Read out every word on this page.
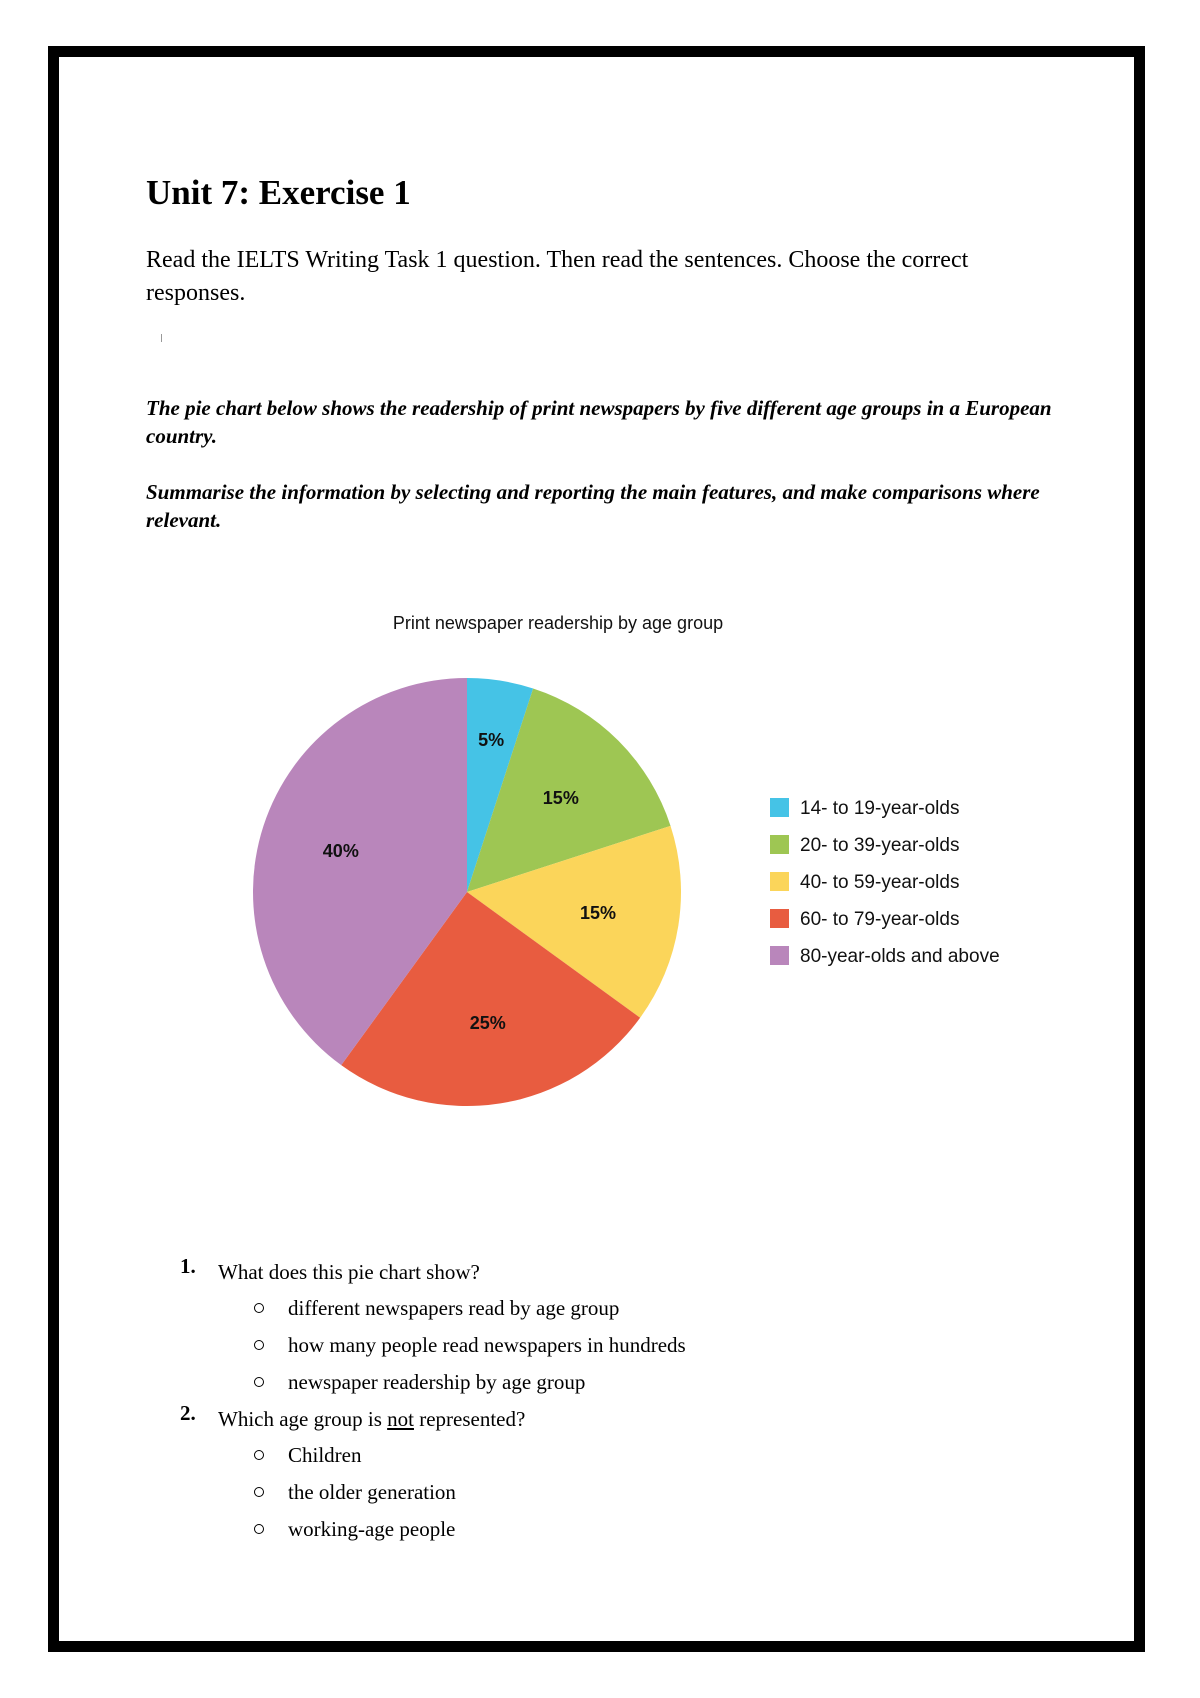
Unit 7: Exercise 1

Read the IELTS Writing Task 1 question. Then read the sentences. Choose the correct responses.

The pie chart below shows the readership of print newspapers by five different age groups in a European country.

Summarise the information by selecting and reporting the main features, and make comparisons where relevant.

Print newspaper readership by age group
5%
15%
15%
25%
40%
14- to 19-year-olds
20- to 39-year-olds
40- to 59-year-olds
60- to 79-year-olds
80-year-olds and above
1. What does this pie chart show?
different newspapers read by age group
how many people read newspapers in hundreds
newspaper readership by age group
2. Which age group is not represented?
Children
the older generation
working-age people
